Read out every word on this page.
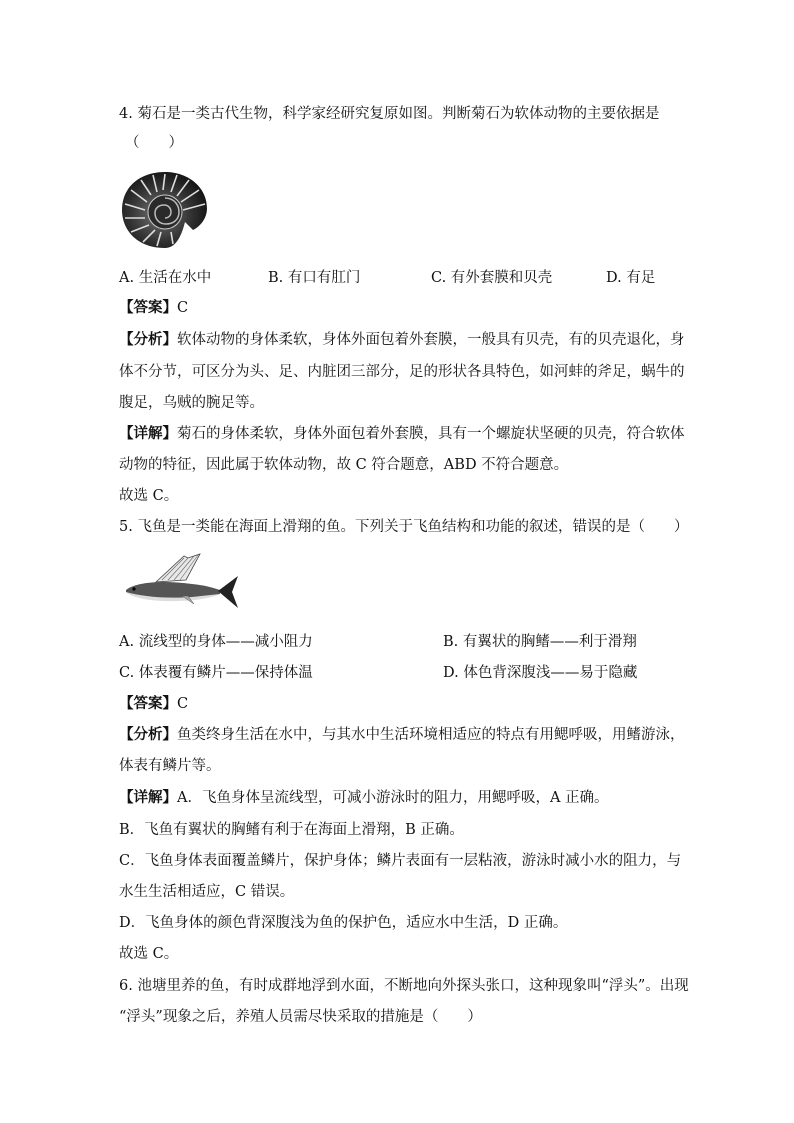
4. 菊石是一类古代生物，科学家经研究复原如图。判断菊石为软体动物的主要依据是
（　　）
A. 生活在水中	B. 有口有肛门	C. 有外套膜和贝壳	D. 有足
【答案】C
【分析】软体动物的身体柔软，身体外面包着外套膜，一般具有贝壳，有的贝壳退化，身
体不分节，可区分为头、足、内脏团三部分，足的形状各具特色，如河蚌的斧足，蜗牛的
腹足，乌贼的腕足等。
【详解】菊石的身体柔软，身体外面包着外套膜，具有一个螺旋状坚硬的贝壳，符合软体
动物的特征，因此属于软体动物，故 C 符合题意，ABD 不符合题意。
故选 C。
5. 飞鱼是一类能在海面上滑翔的鱼。下列关于飞鱼结构和功能的叙述，错误的是（　　）
A. 流线型的身体——减小阻力	B. 有翼状的胸鳍——利于滑翔
C. 体表覆有鳞片——保持体温	D. 体色背深腹浅——易于隐藏
【答案】C
【分析】鱼类终身生活在水中，与其水中生活环境相适应的特点有用鳃呼吸，用鳍游泳，
体表有鳞片等。
【详解】A．飞鱼身体呈流线型，可减小游泳时的阻力，用鳃呼吸，A 正确。
B．飞鱼有翼状的胸鳍有利于在海面上滑翔，B 正确。
C．飞鱼身体表面覆盖鳞片，保护身体；鳞片表面有一层粘液，游泳时减小水的阻力，与
水生生活相适应，C 错误。
D．飞鱼身体的颜色背深腹浅为鱼的保护色，适应水中生活，D 正确。
故选 C。
6. 池塘里养的鱼，有时成群地浮到水面，不断地向外探头张口，这种现象叫“浮头”。出现
“浮头”现象之后，养殖人员需尽快采取的措施是（　　）
